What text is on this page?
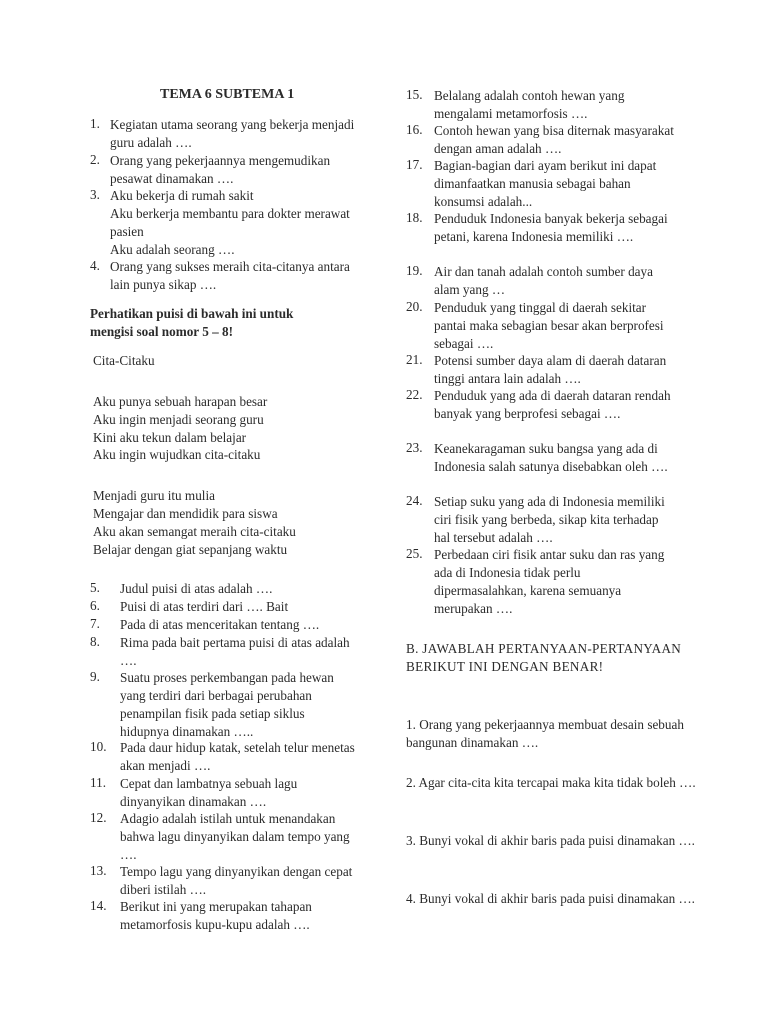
TEMA 6 SUBTEMA 1
1. Kegiatan utama seorang yang bekerja menjadi guru adalah ….
2. Orang yang pekerjaannya mengemudikan pesawat dinamakan ….
3. Aku bekerja di rumah sakit
Aku berkerja membantu para dokter merawat pasien
Aku adalah seorang ….
4. Orang yang sukses meraih cita-citanya antara lain punya sikap ….
Perhatikan puisi di bawah ini untuk mengisi soal nomor 5 – 8!
Cita-Citaku
Aku punya sebuah harapan besar
Aku ingin menjadi seorang guru
Kini aku tekun dalam belajar
Aku ingin wujudkan cita-citaku
Menjadi guru itu mulia
Mengajar dan mendidik para siswa
Aku akan semangat meraih cita-citaku
Belajar dengan giat sepanjang waktu
5.	Judul puisi di atas adalah ….
6.	Puisi di atas terdiri dari …. Bait
7.	Pada di atas menceritakan tentang ….
8.	Rima pada bait pertama puisi di atas adalah ….
9.	Suatu proses perkembangan pada hewan yang terdiri dari berbagai perubahan penampilan fisik pada setiap siklus hidupnya dinamakan …..
10.	Pada daur hidup katak, setelah telur menetas akan menjadi ….
11.	Cepat dan lambatnya sebuah lagu dinyanyikan dinamakan ….
12.	Adagio adalah istilah untuk menandakan bahwa lagu dinyanyikan dalam tempo yang ….
13.	Tempo lagu yang dinyanyikan dengan cepat diberi istilah ….
14.	Berikut ini yang merupakan tahapan metamorfosis kupu-kupu adalah ….
15. Belalang adalah contoh hewan yang mengalami metamorfosis ….
16. Contoh hewan yang bisa diternak masyarakat dengan aman adalah ….
17. Bagian-bagian dari ayam berikut ini dapat dimanfaatkan manusia sebagai bahan konsumsi adalah...
18. Penduduk Indonesia banyak bekerja sebagai petani, karena Indonesia memiliki ….
19. Air dan tanah adalah contoh sumber daya alam yang …
20. Penduduk yang tinggal di daerah sekitar pantai maka sebagian besar akan berprofesi sebagai ….
21. Potensi sumber daya alam di daerah dataran tinggi antara lain adalah ….
22. Penduduk yang ada di daerah dataran rendah banyak yang berprofesi sebagai ….
23. Keanekaragaman suku bangsa yang ada di Indonesia salah satunya disebabkan oleh ….
24. Setiap suku yang ada di Indonesia memiliki ciri fisik yang berbeda, sikap kita terhadap hal tersebut adalah ….
25. Perbedaan ciri fisik antar suku dan ras yang ada di Indonesia tidak perlu dipermasalahkan, karena semuanya merupakan ….
B. JAWABLAH PERTANYAAN-PERTANYAAN BERIKUT INI DENGAN BENAR!
1. Orang yang pekerjaannya membuat desain sebuah bangunan dinamakan ….
2. Agar cita-cita kita tercapai maka kita tidak boleh ….
3. Bunyi vokal di akhir baris pada puisi dinamakan ….
4. Bunyi vokal di akhir baris pada puisi dinamakan ….
